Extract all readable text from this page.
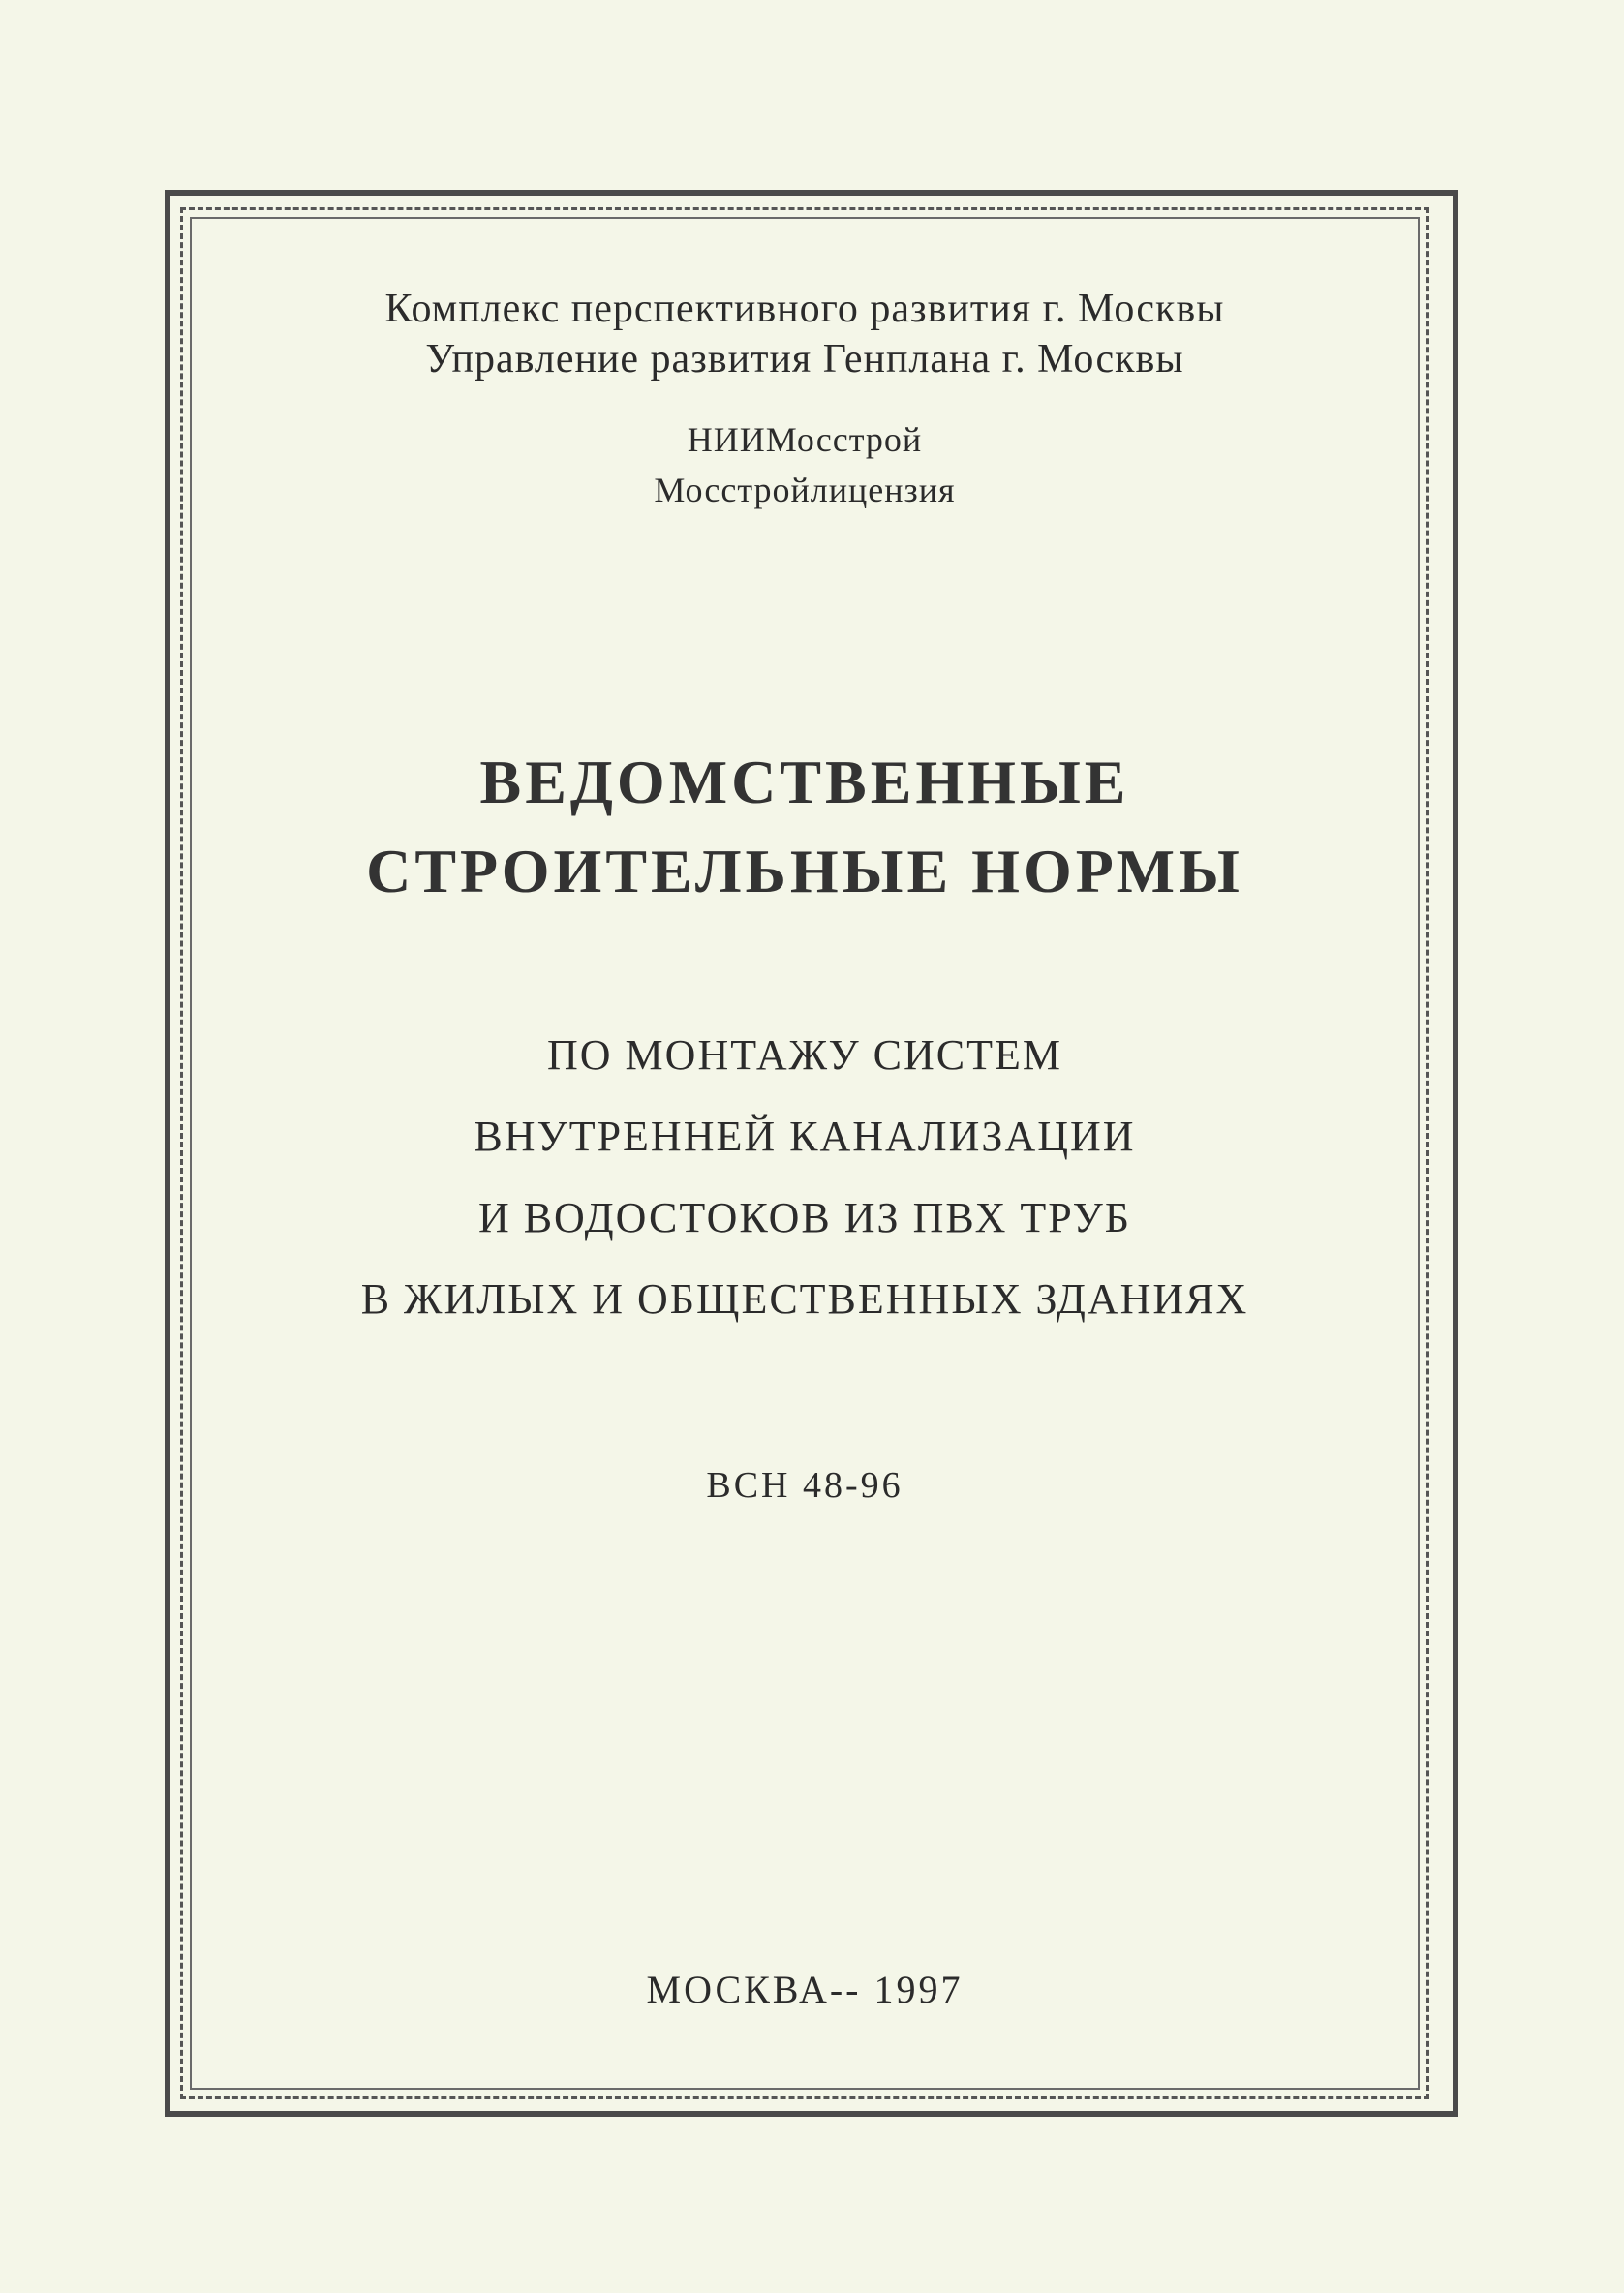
Комплекс перспективного развития г. Москвы
Управление развития Генплана г. Москвы
НИИМосстрой
Мосстройлицензия
ВЕДОМСТВЕННЫЕ
СТРОИТЕЛЬНЫЕ НОРМЫ
ПО МОНТАЖУ СИСТЕМ
ВНУТРЕННЕЙ КАНАЛИЗАЦИИ
И ВОДОСТОКОВ ИЗ ПВХ ТРУБ
В ЖИЛЫХ И ОБЩЕСТВЕННЫХ ЗДАНИЯХ
ВСН 48-96
МОСКВА-- 1997
